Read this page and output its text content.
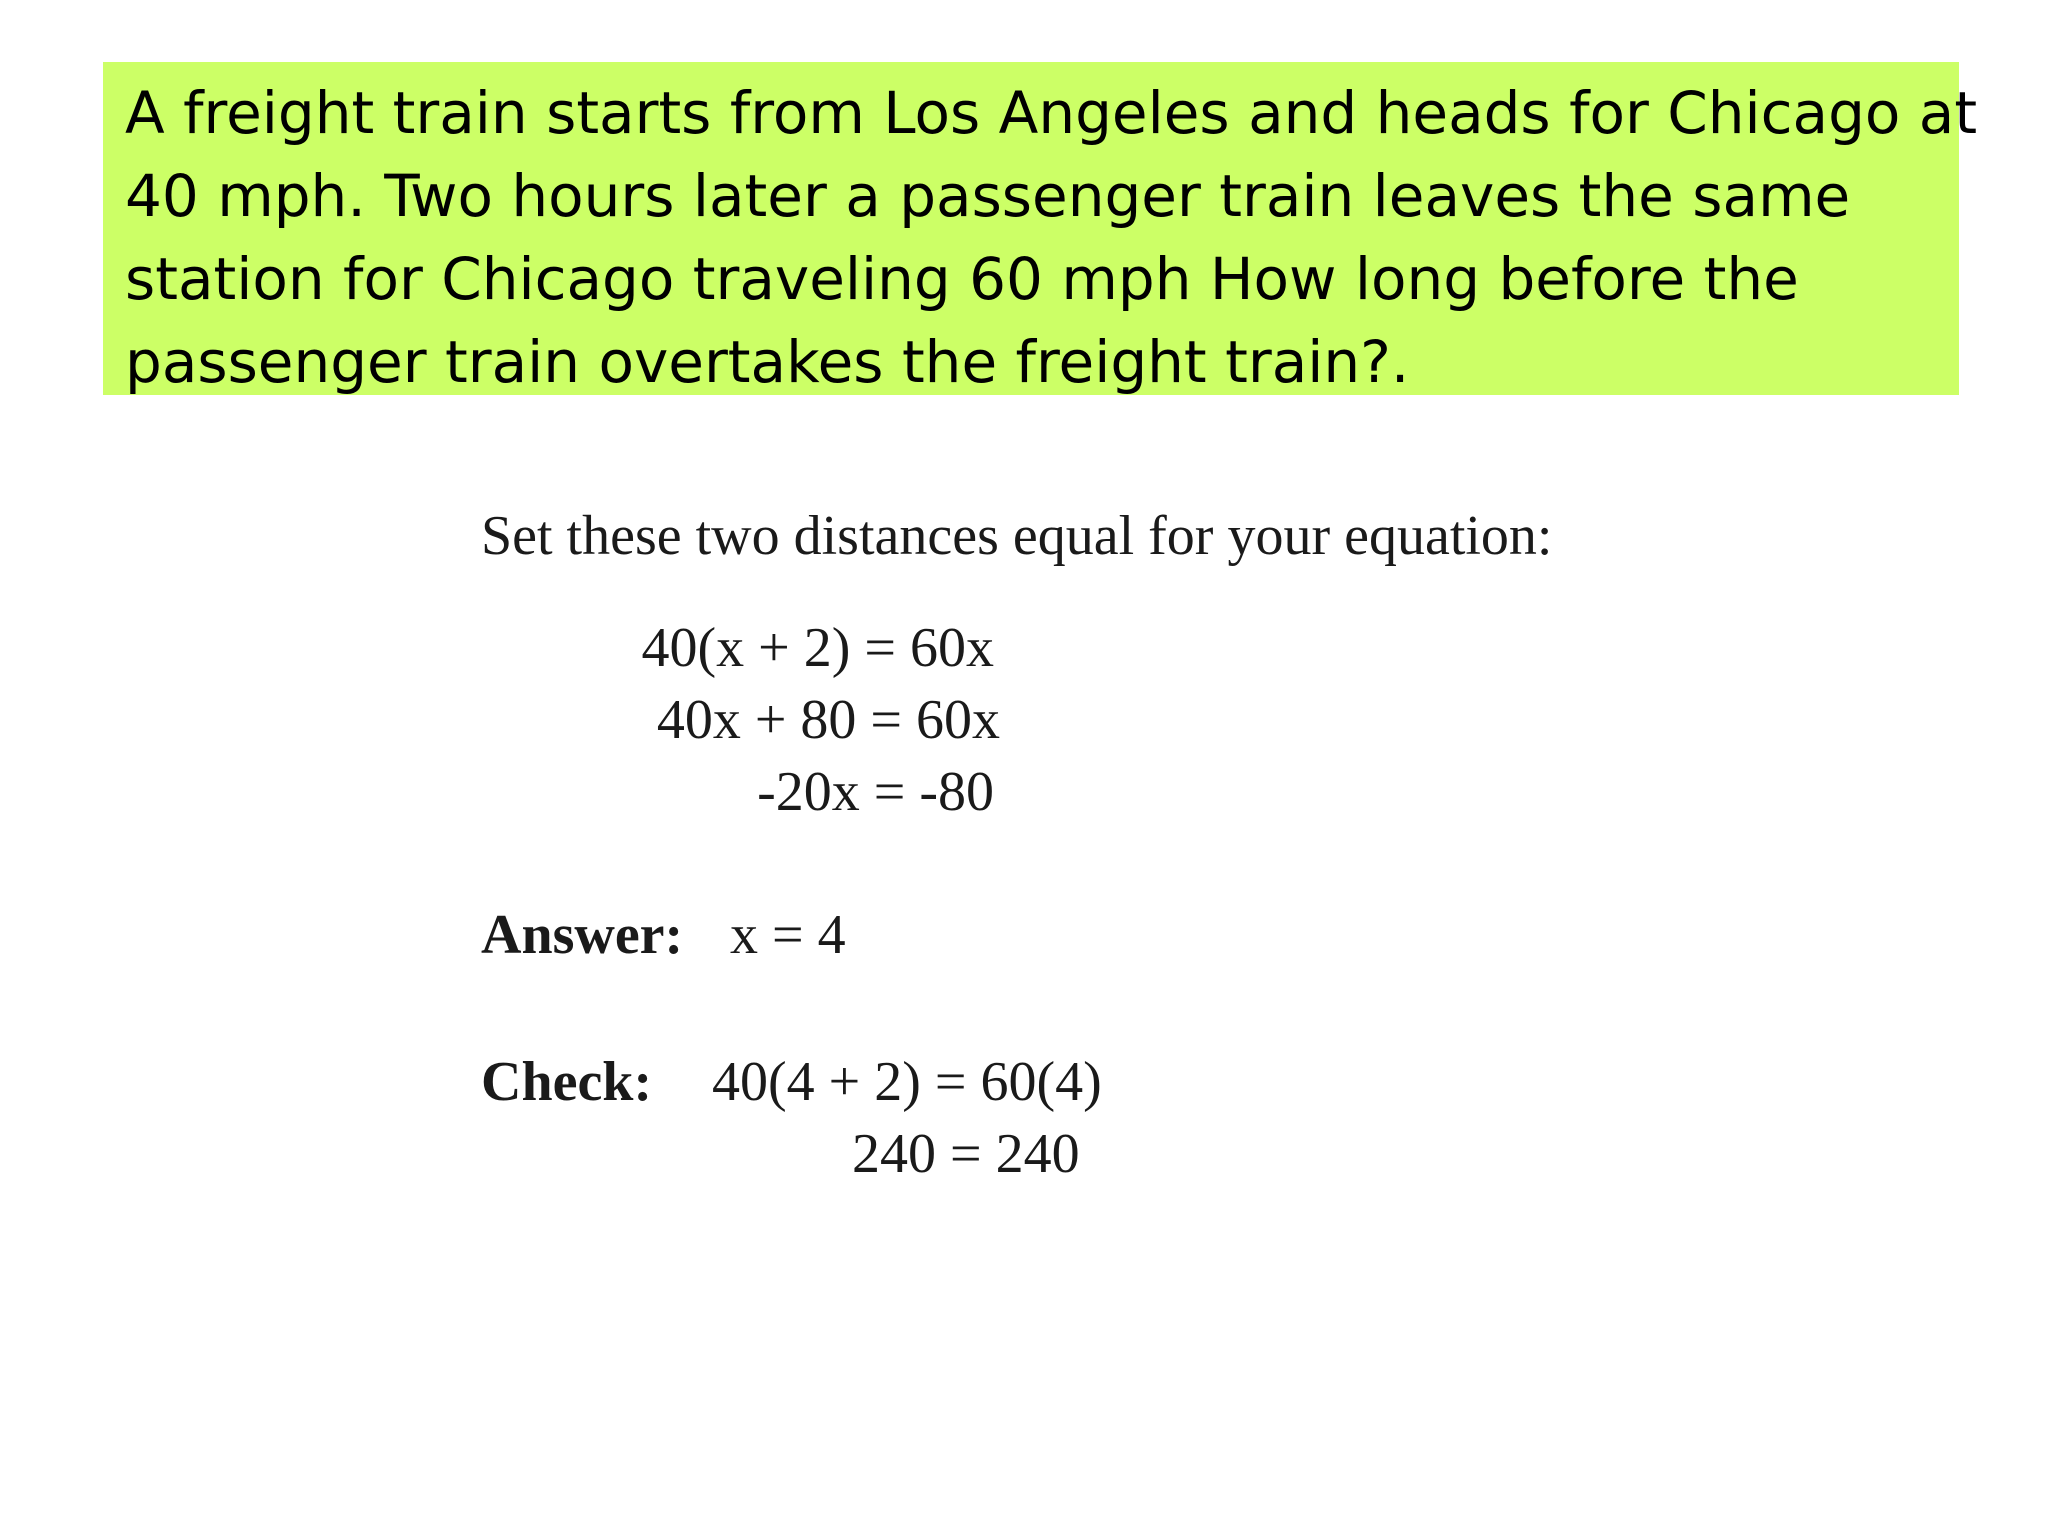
A freight train starts from Los Angeles and heads for Chicago at
40 mph. Two hours later a passenger train leaves the same
station for Chicago traveling 60 mph How long before the
passenger train overtakes the freight train?.
Set these two distances equal for your equation:
40(x + 2) = 60x
40x + 80 = 60x
-20x = -80
Answer: x = 4
Check: 40(4 + 2) = 60(4)
240 = 240
